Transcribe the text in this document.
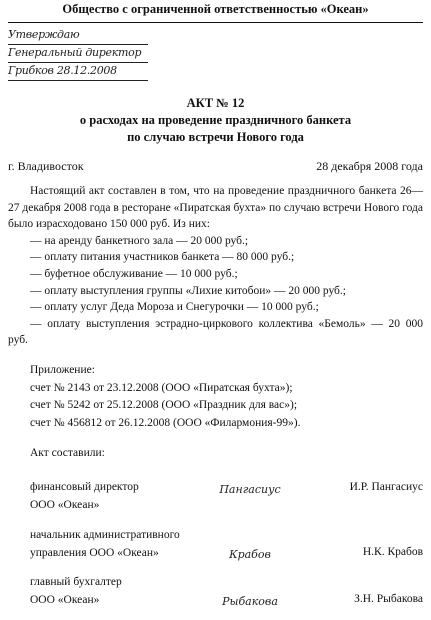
Общество с ограниченной ответственностью «Океан»
Утверждаю
Генеральный директор
Грибков 28.12.2008
АКТ № 12
о расходах на проведение праздничного банкета
по случаю встречи Нового года
г. Владивосток	28 декабря 2008 года

Настоящий акт составлен в том, что на проведение праздничного банкета 26—27 декабря 2008 года в ресторане «Пиратская бухта» по случаю встречи Нового года было израсходовано 150 000 руб. Из них:

— на аренду банкетного зала — 20 000 руб.;
— оплату питания участников банкета — 80 000 руб.;
— буфетное обслуживание — 10 000 руб.;
— оплату выступления группы «Лихие китобои» — 20 000 руб.;
— оплату услуг Деда Мороза и Снегурочки — 10 000 руб.;
— оплату выступления эстрадно-циркового коллектива «Бемоль» — 20 000 руб.
Приложение:
счет № 2143 от 23.12.2008 (ООО «Пиратская бухта»);
счет № 5242 от 25.12.2008 (ООО «Праздник для вас»);
счет № 456812 от 26.12.2008 (ООО «Филармония-99»).
Акт составили:
финансовый директор
ООО «Океан»
Пангасиус	И.Р. Пангасиус
начальник административного
управления ООО «Океан»	Крабов	Н.К. Крабов
главный бухгалтер
ООО «Океан»	Рыбакова	З.Н. Рыбакова
